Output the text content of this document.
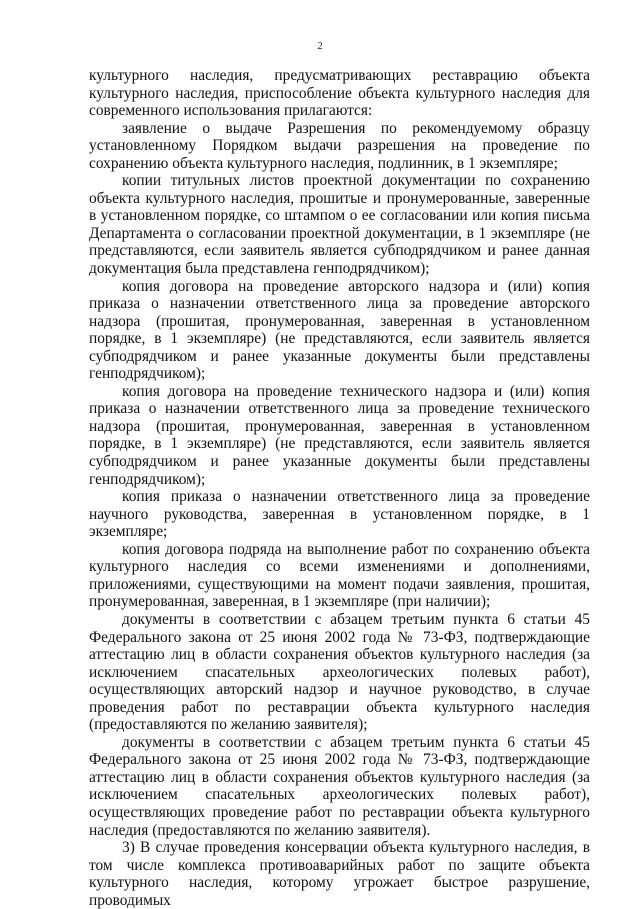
2

культурного наследия, предусматривающих реставрацию объекта культурного наследия, приспособление объекта культурного наследия для современного использования прилагаются:

заявление о выдаче Разрешения по рекомендуемому образцу установленному Порядком выдачи разрешения на проведение по сохранению объекта культурного наследия, подлинник, в 1 экземпляре;

копии титульных листов проектной документации по сохранению объекта культурного наследия, прошитые и пронумерованные, заверенные в установленном порядке, со штампом о ее согласовании или копия письма Департамента о согласовании проектной документации, в 1 экземпляре (не представляются, если заявитель является субподрядчиком и ранее данная документация была представлена генподрядчиком);

копия договора на проведение авторского надзора и (или) копия приказа о назначении ответственного лица за проведение авторского надзора (прошитая, пронумерованная, заверенная в установленном порядке, в 1 экземпляре) (не представляются, если заявитель является субподрядчиком и ранее указанные документы были представлены генподрядчиком);

копия договора на проведение технического надзора и (или) копия приказа о назначении ответственного лица за проведение технического надзора (прошитая, пронумерованная, заверенная в установленном порядке, в 1 экземпляре) (не представляются, если заявитель является субподрядчиком и ранее указанные документы были представлены генподрядчиком);

копия приказа о назначении ответственного лица за проведение научного руководства, заверенная в установленном порядке, в 1 экземпляре;

копия договора подряда на выполнение работ по сохранению объекта культурного наследия со всеми изменениями и дополнениями, приложениями, существующими на момент подачи заявления, прошитая, пронумерованная, заверенная, в 1 экземпляре (при наличии);

документы в соответствии с абзацем третьим пункта 6 статьи 45 Федерального закона от 25 июня 2002 года № 73-ФЗ, подтверждающие аттестацию лиц в области сохранения объектов культурного наследия (за исключением спасательных археологических полевых работ), осуществляющих авторский надзор и научное руководство, в случае проведения работ по реставрации объекта культурного наследия (предоставляются по желанию заявителя);

документы в соответствии с абзацем третьим пункта 6 статьи 45 Федерального закона от 25 июня 2002 года № 73-ФЗ, подтверждающие аттестацию лиц в области сохранения объектов культурного наследия (за исключением спасательных археологических полевых работ), осуществляющих проведение работ по реставрации объекта культурного наследия (предоставляются по желанию заявителя).

3) В случае проведения консервации объекта культурного наследия, в том числе комплекса противоаварийных работ по защите объекта культурного наследия, которому угрожает быстрое разрушение, проводимых
